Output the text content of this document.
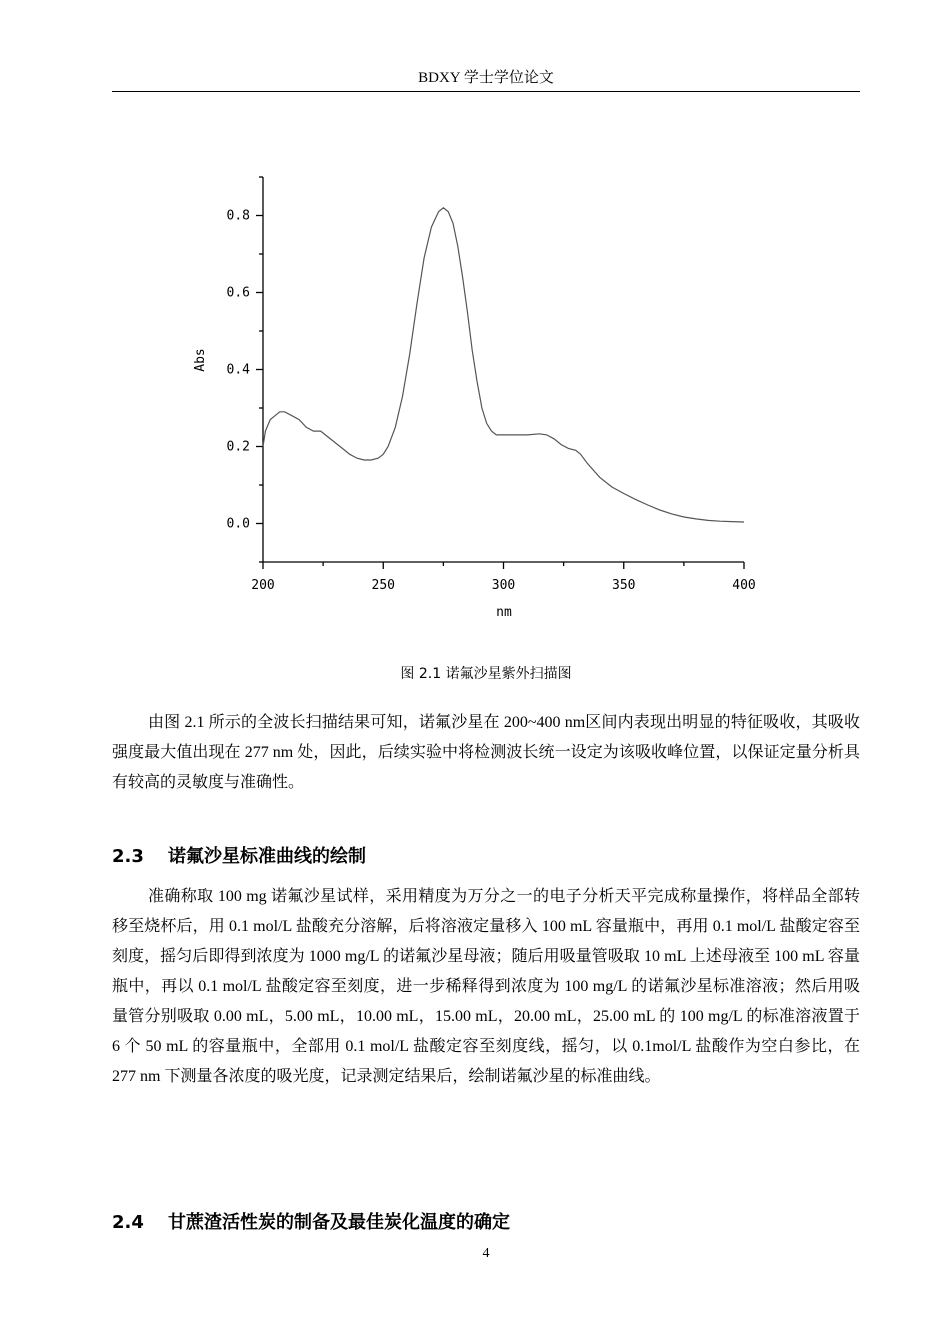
BDXY 学士学位论文
200	250	300	350	400
0.0
0.2
0.4
0.6
0.8
nm
Abs
图 2.1 诺氟沙星紫外扫描图

由图 2.1 所示的全波长扫描结果可知，诺氟沙星在 200~400 nm区间内表现出明显的特征吸收，其吸收强度最大值出现在 277 nm 处，因此，后续实验中将检测波长统一设定为该吸收峰位置，以保证定量分析具有较高的灵敏度与准确性。

2.3 诺氟沙星标准曲线的绘制

准确称取 100 mg 诺氟沙星试样，采用精度为万分之一的电子分析天平完成称量操作，将样品全部转移至烧杯后，用 0.1 mol/L 盐酸充分溶解，后将溶液定量移入 100 mL 容量瓶中，再用 0.1 mol/L 盐酸定容至刻度，摇匀后即得到浓度为 1000 mg/L 的诺氟沙星母液；随后用吸量管吸取 10 mL 上述母液至 100 mL 容量瓶中，再以 0.1 mol/L 盐酸定容至刻度，进一步稀释得到浓度为 100 mg/L 的诺氟沙星标准溶液；然后用吸量管分别吸取 0.00 mL，5.00 mL，10.00 mL，15.00 mL，20.00 mL，25.00 mL 的 100 mg/L 的标准溶液置于 6 个 50 mL 的容量瓶中，全部用 0.1 mol/L 盐酸定容至刻度线，摇匀，以 0.1mol/L 盐酸作为空白参比，在 277 nm 下测量各浓度的吸光度，记录测定结果后，绘制诺氟沙星的标准曲线。

2.4 甘蔗渣活性炭的制备及最佳炭化温度的确定
4
